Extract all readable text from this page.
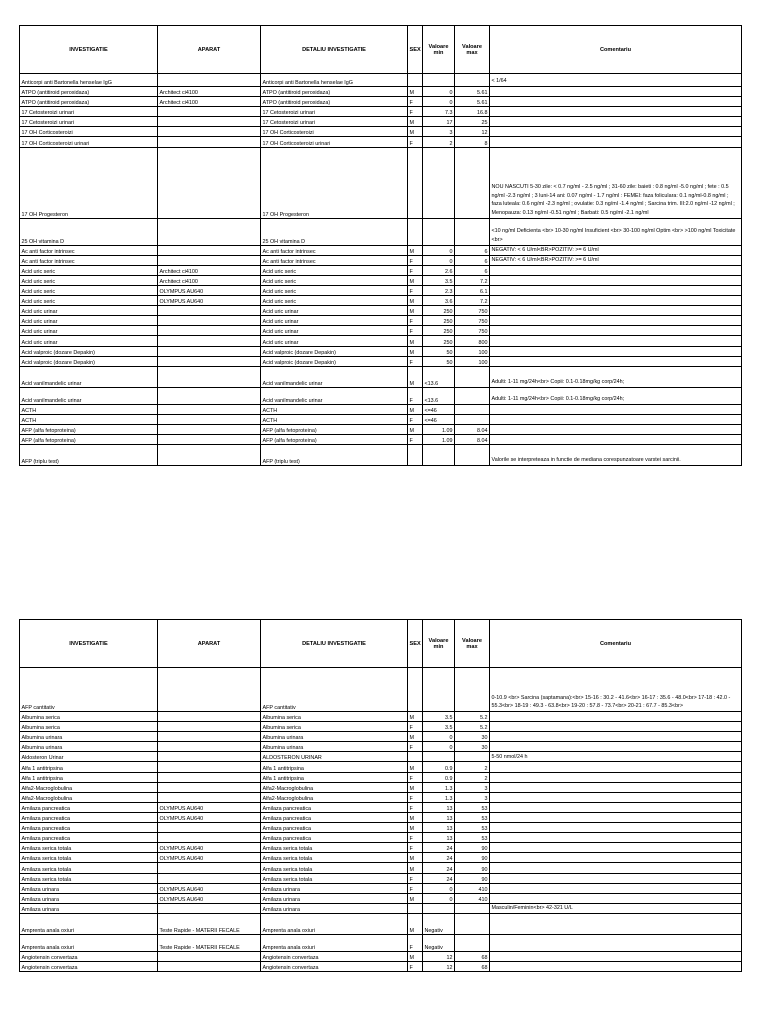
INVESTIGATIE	APARAT	DETALIU INVESTIGATIE	SEX	Valoare min	Valoare max	Comentariu
Anticorpi anti Bartonella henselae IgG		Anticorpi anti Bartonella henselae IgG				< 1/64
ATPO (antitiroid peroxidaza)	Architect ci4100	ATPO (antitiroid peroxidaza)	M	0	5.61	
ATPO (antitiroid peroxidaza)	Architect ci4100	ATPO (antitiroid peroxidaza)	F	0	5.61	
17 Cetosteroizi urinari		17 Cetosteroizi urinari	F	7.3	16.8	
17 Cetosteroizi urinari		17 Cetosteroizi urinari	M	17	25	
17 OH Corticosteroizi		17 OH Corticosteroizi	M	3	12	
17 OH Corticosteroizi urinari		17 OH Corticosteroizi urinari	F	2	8	
17 OH Progesteron		17 OH Progesteron				NOU NASCUTI 5-30 zile: < 0.7 ng/ml - 2.5 ng/ml ; 31-60 zile: baieti : 0.8 ng/ml -5.0 ng/ml ; fete : 0.5 ng/ml -2.3 ng/ml ; 3 luni-14 ani: 0.07 ng/ml - 1.7 ng/ml : FEMEI: faza foliculara: 0.1 ng/ml-0.8 ng/ml ; faza luteala: 0.6 ng/ml -2.3 ng/ml ; ovulatie: 0.3 ng/ml -1.4 ng/ml ; Sarcina trim. III:2.0 ng/ml -12 ng/ml ; Menopauza: 0.13 ng/ml -0.51 ng/ml ; Barbati: 0.5 ng/ml -2.1 ng/ml
25 OH vitamina D		25 OH vitamina D				<10 ng/ml Deficienta <br> 10-30 ng/ml Insuficient <br> 30-100 ng/ml Optim <br> >100 ng/ml Toxicitate <br>
Ac anti factor intrinsec		Ac anti factor intrinsec	M	0	6	NEGATIV: < 6 U/ml<BR>POZITIV: >= 6 U/ml
Ac anti factor intrinsec		Ac anti factor intrinsec	F	0	6	NEGATIV: < 6 U/ml<BR>POZITIV: >= 6 U/ml
Acid uric seric	Architect ci4100	Acid uric seric	F	2.6	6	
Acid uric seric	Architect ci4100	Acid uric seric	M	3.5	7.2	
Acid uric seric	OLYMPUS AU640	Acid uric seric	F	2.3	6.1	
Acid uric seric	OLYMPUS AU640	Acid uric seric	M	3.6	7.2	
Acid uric urinar		Acid uric urinar	M	250	750	
Acid uric urinar		Acid uric urinar	F	250	750	
Acid uric urinar		Acid uric urinar	F	250	750	
Acid uric urinar		Acid uric urinar	M	250	800	
Acid valproic (dozare Depakin)		Acid valproic (dozare Depakin)	M	50	100	
Acid valproic (dozare Depakin)		Acid valproic (dozare Depakin)	F	50	100	
Acid vanilmandelic urinar		Acid vanilmandelic urinar	M	<13.6		Adulti: 1-11 mg/24h<br> Copii: 0.1-0.18mg/kg corp/24h;
Acid vanilmandelic urinar		Acid vanilmandelic urinar	F	<13.6		Adulti: 1-11 mg/24h<br> Copii: 0.1-0.18mg/kg corp/24h;
ACTH		ACTH	M	<=46		
ACTH		ACTH	F	<=46		
AFP (alfa fetoproteina)		AFP (alfa fetoproteina)	M	1.09	8.04	
AFP (alfa fetoproteina)		AFP (alfa fetoproteina)	F	1.09	8.04	
AFP (triplu test)		AFP (triplu test)				Valorile se interpreteaza in functie de mediana corespunzatoare varstei sarcinii.
INVESTIGATIE	APARAT	DETALIU INVESTIGATIE	SEX	Valoare min	Valoare max	Comentariu
AFP cantitativ		AFP cantitativ				0-10.9 <br> Sarcina (saptamana):<br> 15-16 : 30.2 - 41.6<br> 16-17 : 35.6 - 48.0<br> 17-18 : 42.0 - 55.3<br> 18-19 : 49.3 - 63.8<br> 19-20 : 57.8 - 73.7<br> 20-21 : 67.7 - 85.3<br>
Albumina serica		Albumina serica	M	3.5	5.2	
Albumina serica		Albumina serica	F	3.5	5.2	
Albumina urinara		Albumina urinara	M	0	30	
Albumina urinara		Albumina urinara	F	0	30	
Aldosteron Urinar		ALDOSTERON URINAR				5-50 nmol/24 h
Alfa 1 antitripsina		Alfa 1 antitripsina	M	0.9	2	
Alfa 1 antitripsina		Alfa 1 antitripsina	F	0.9	2	
Alfa2-Macroglobulina		Alfa2-Macroglobulina	M	1.3	3	
Alfa2-Macroglobulina		Alfa2-Macroglobulina	F	1.3	3	
Amilaza pancreatica	OLYMPUS AU640	Amilaza pancreatica	F	13	53	
Amilaza pancreatica	OLYMPUS AU640	Amilaza pancreatica	M	13	53	
Amilaza pancreatica		Amilaza pancreatica	M	13	53	
Amilaza pancreatica		Amilaza pancreatica	F	13	53	
Amilaza serica totala	OLYMPUS AU640	Amilaza serica totala	F	24	90	
Amilaza serica totala	OLYMPUS AU640	Amilaza serica totala	M	24	90	
Amilaza serica totala		Amilaza serica totala	M	24	90	
Amilaza serica totala		Amilaza serica totala	F	24	90	
Amilaza urinara	OLYMPUS AU640	Amilaza urinara	F	0	410	
Amilaza urinara	OLYMPUS AU640	Amilaza urinara	M	0	410	
Amilaza urinara		Amilaza urinara				Masculin/Feminin<br> 42-321 U/L
Amprenta anala oxiuri	Teste Rapide - MATERII FECALE	Amprenta anala oxiuri	M	Negativ		
Amprenta anala oxiuri	Teste Rapide - MATERII FECALE	Amprenta anala oxiuri	F	Negativ		
Angiotensin convertaza		Angiotensin convertaza	M	12	68	
Angiotensin convertaza		Angiotensin convertaza	F	12	68	
